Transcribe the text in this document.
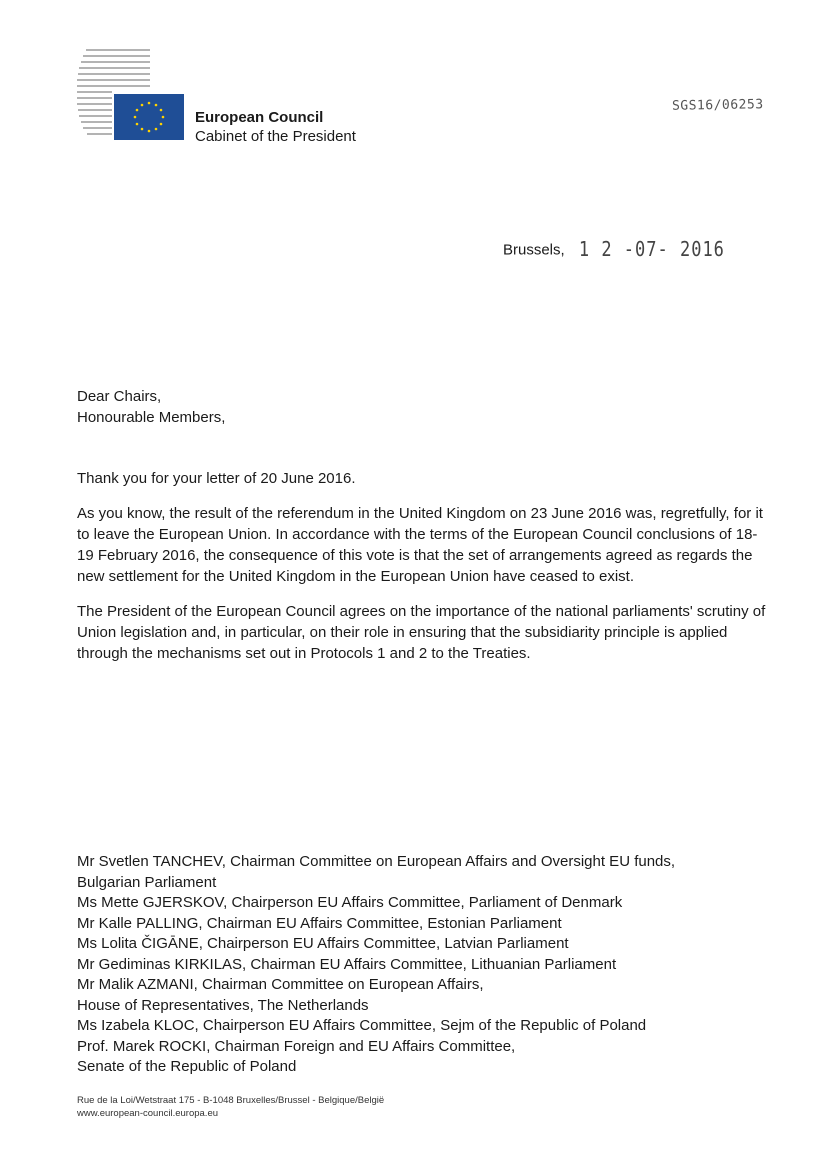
European Council
Cabinet of the President
SGS16/06253
Brussels, 1 2 -07- 2016
Dear Chairs,
Honourable Members,

Thank you for your letter of 20 June 2016.

As you know, the result of the referendum in the United Kingdom on 23 June 2016 was, regretfully, for it to leave the European Union. In accordance with the terms of the European Council conclusions of 18-19 February 2016, the consequence of this vote is that the set of arrangements agreed as regards the new settlement for the United Kingdom in the European Union have ceased to exist.

The President of the European Council agrees on the importance of the national parliaments' scrutiny of Union legislation and, in particular, on their role in ensuring that the subsidiarity principle is applied through the mechanisms set out in Protocols 1 and 2 to the Treaties.

Mr Svetlen TANCHEV, Chairman Committee on European Affairs and Oversight EU funds,
Bulgarian Parliament
Ms Mette GJERSKOV, Chairperson EU Affairs Committee, Parliament of Denmark
Mr Kalle PALLING, Chairman EU Affairs Committee, Estonian Parliament
Ms Lolita ČIGĀNE, Chairperson EU Affairs Committee, Latvian Parliament
Mr Gediminas KIRKILAS, Chairman EU Affairs Committee, Lithuanian Parliament
Mr Malik AZMANI, Chairman Committee on European Affairs,
House of Representatives, The Netherlands
Ms Izabela KLOC, Chairperson EU Affairs Committee, Sejm of the Republic of Poland
Prof. Marek ROCKI, Chairman Foreign and EU Affairs Committee,
Senate of the Republic of Poland
Rue de la Loi/Wetstraat 175 - B-1048 Bruxelles/Brussel - Belgique/België
www.european-council.europa.eu
